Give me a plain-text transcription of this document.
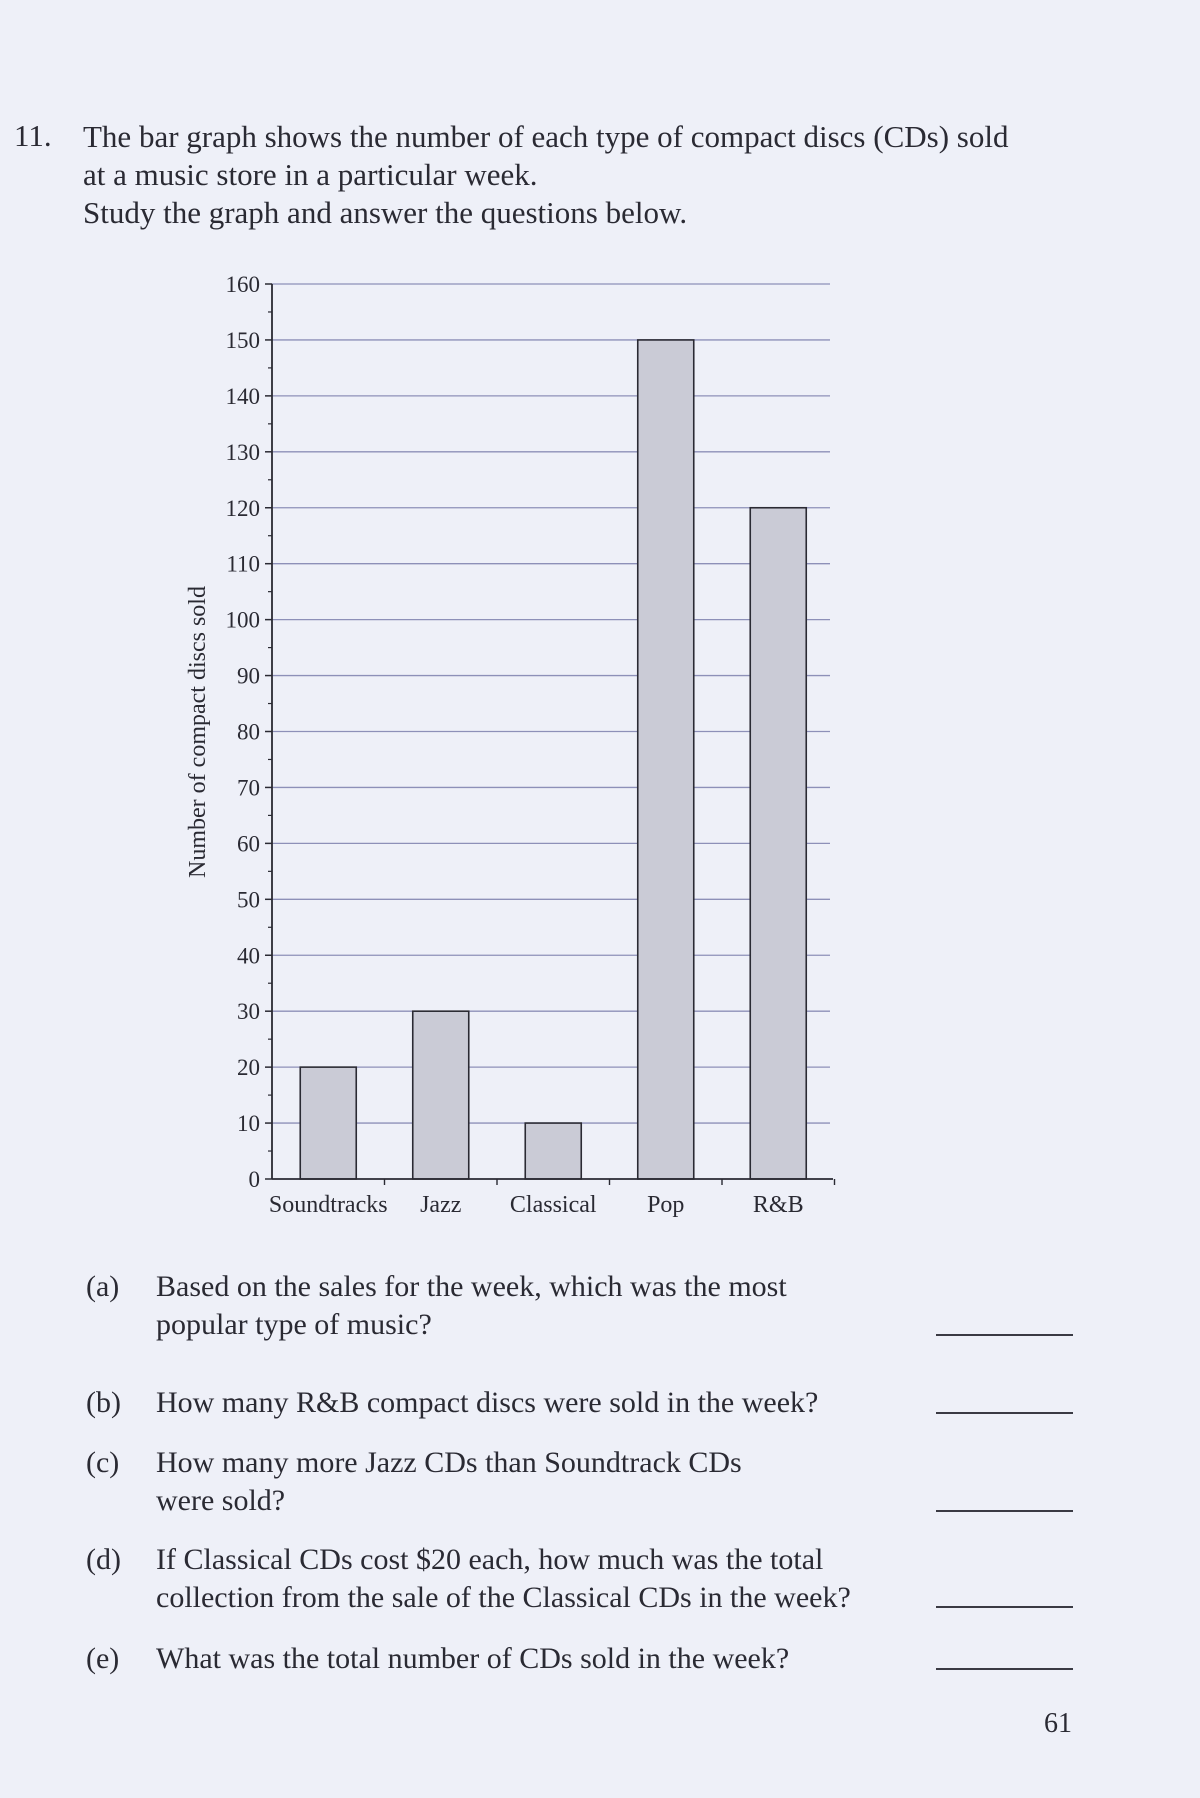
11. The bar graph shows the number of each type of compact discs (CDs) sold
at a music store in a particular week.
Study the graph and answer the questions below.
0
10
20
30
40
50
60
70
80
90
100
110
120
130
140
150
160
Soundtracks Jazz Classical Pop	R&B
Number of compact discs sold
(a) Based on the sales for the week, which was the most
popular type of music?
(b) How many R&B compact discs were sold in the week?
(c) How many more Jazz CDs than Soundtrack CDs
were sold?
(d) If Classical CDs cost $20 each, how much was the total
collection from the sale of the Classical CDs in the week?
(e) What was the total number of CDs sold in the week?
61
